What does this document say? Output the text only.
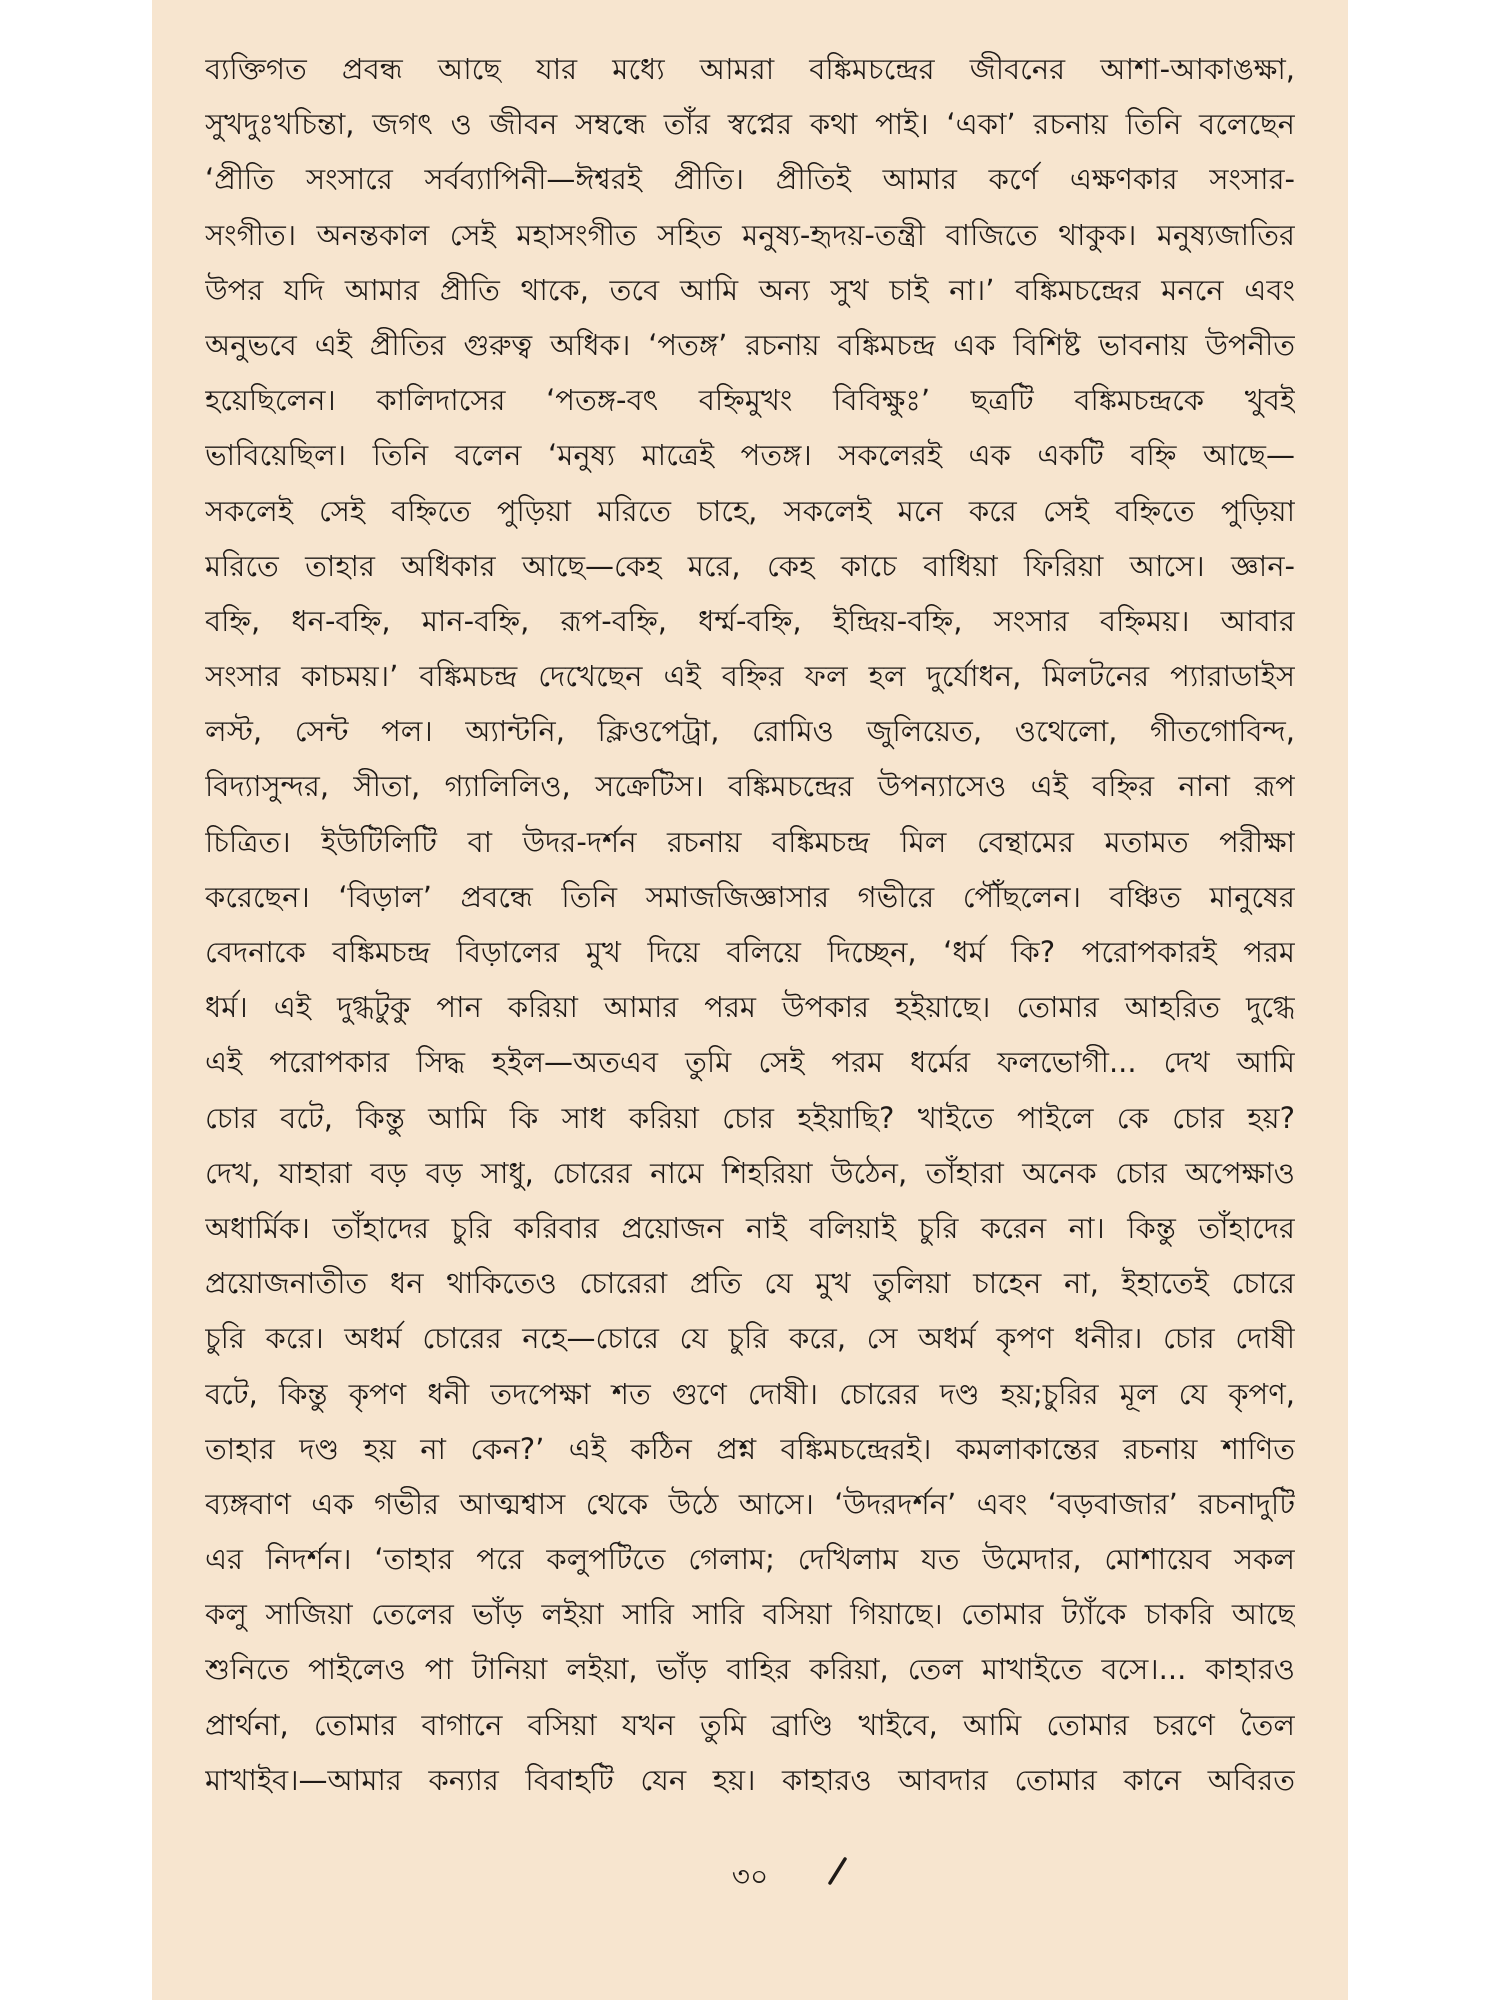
ব্যক্তিগত প্রবন্ধ আছে যার মধ্যে আমরা বঙ্কিমচন্দ্রের জীবনের আশা-আকাঙক্ষা,
সুখদুঃখচিন্তা, জগৎ ও জীবন সম্বন্ধে তাঁর স্বপ্নের কথা পাই। ‘একা’ রচনায় তিনি বলেছেন
‘প্রীতি সংসারে সর্বব্যাপিনী—ঈশ্বরই প্রীতি। প্রীতিই আমার কর্ণে এক্ষণকার সংসার-
সংগীত। অনন্তকাল সেই মহাসংগীত সহিত মনুষ্য-হৃদয়-তন্ত্রী বাজিতে থাকুক। মনুষ্যজাতির
উপর যদি আমার প্রীতি থাকে, তবে আমি অন্য সুখ চাই না।’ বঙ্কিমচন্দ্রের মননে এবং
অনুভবে এই প্রীতির গুরুত্ব অধিক। ‘পতঙ্গ’ রচনায় বঙ্কিমচন্দ্র এক বিশিষ্ট ভাবনায় উপনীত
হয়েছিলেন। কালিদাসের ‘পতঙ্গ-বৎ বহ্নিমুখং বিবিক্ষুঃ’ ছত্রটি বঙ্কিমচন্দ্রকে খুবই
ভাবিয়েছিল। তিনি বলেন ‘মনুষ্য মাত্রেই পতঙ্গ। সকলেরই এক একটি বহ্নি আছে—
সকলেই সেই বহ্নিতে পুড়িয়া মরিতে চাহে, সকলেই মনে করে সেই বহ্নিতে পুড়িয়া
মরিতে তাহার অধিকার আছে—কেহ মরে, কেহ কাচে বাধিয়া ফিরিয়া আসে। জ্ঞান-
বহ্নি, ধন-বহ্নি, মান-বহ্নি, রূপ-বহ্নি, ধর্ম্ম-বহ্নি, ইন্দ্রিয়-বহ্নি, সংসার বহ্নিময়। আবার
সংসার কাচময়।’ বঙ্কিমচন্দ্র দেখেছেন এই বহ্নির ফল হল দুর্যোধন, মিলটনের প্যারাডাইস
লস্ট, সেন্ট পল। অ্যান্টনি, ক্লিওপেট্রা, রোমিও জুলিয়েত, ওথেলো, গীতগোবিন্দ,
বিদ্যাসুন্দর, সীতা, গ্যালিলিও, সক্রেটিস। বঙ্কিমচন্দ্রের উপন্যাসেও এই বহ্নির নানা রূপ
চিত্রিত। ইউটিলিটি বা উদর-দর্শন রচনায় বঙ্কিমচন্দ্র মিল বেন্থামের মতামত পরীক্ষা
করেছেন। ‘বিড়াল’ প্রবন্ধে তিনি সমাজজিজ্ঞাসার গভীরে পৌঁছলেন। বঞ্চিত মানুষের
বেদনাকে বঙ্কিমচন্দ্র বিড়ালের মুখ দিয়ে বলিয়ে দিচ্ছেন, ‘ধর্ম কি? পরোপকারই পরম
ধর্ম। এই দুগ্ধটুকু পান করিয়া আমার পরম উপকার হইয়াছে। তোমার আহরিত দুগ্ধে
এই পরোপকার সিদ্ধ হইল—অতএব তুমি সেই পরম ধর্মের ফলভোগী... দেখ আমি
চোর বটে, কিন্তু আমি কি সাধ করিয়া চোর হইয়াছি? খাইতে পাইলে কে চোর হয়?
দেখ, যাহারা বড় বড় সাধু, চোরের নামে শিহরিয়া উঠেন, তাঁহারা অনেক চোর অপেক্ষাও
অধার্মিক। তাঁহাদের চুরি করিবার প্রয়োজন নাই বলিয়াই চুরি করেন না। কিন্তু তাঁহাদের
প্রয়োজনাতীত ধন থাকিতেও চোরেরা প্রতি যে মুখ তুলিয়া চাহেন না, ইহাতেই চোরে
চুরি করে। অধর্ম চোরের নহে—চোরে যে চুরি করে, সে অধর্ম কৃপণ ধনীর। চোর দোষী
বটে, কিন্তু কৃপণ ধনী তদপেক্ষা শত গুণে দোষী। চোরের দণ্ড হয়;চুরির মূল যে কৃপণ,
তাহার দণ্ড হয় না কেন?’ এই কঠিন প্রশ্ন বঙ্কিমচন্দ্রেরই। কমলাকান্তের রচনায় শাণিত
ব্যঙ্গবাণ এক গভীর আত্মশ্বাস থেকে উঠে আসে। ‘উদরদর্শন’ এবং ‘বড়বাজার’ রচনাদুটি
এর নিদর্শন। ‘তাহার পরে কলুপটিতে গেলাম; দেখিলাম যত উমেদার, মোশায়েব সকল
কলু সাজিয়া তেলের ভাঁড় লইয়া সারি সারি বসিয়া গিয়াছে। তোমার ট্যাঁকে চাকরি আছে
শুনিতে পাইলেও পা টানিয়া লইয়া, ভাঁড় বাহির করিয়া, তেল মাখাইতে বসে।... কাহারও
প্রার্থনা, তোমার বাগানে বসিয়া যখন তুমি ব্রাণ্ডি খাইবে, আমি তোমার চরণে তৈল
মাখাইব।—আমার কন্যার বিবাহটি যেন হয়। কাহারও আবদার তোমার কানে অবিরত
৩০
